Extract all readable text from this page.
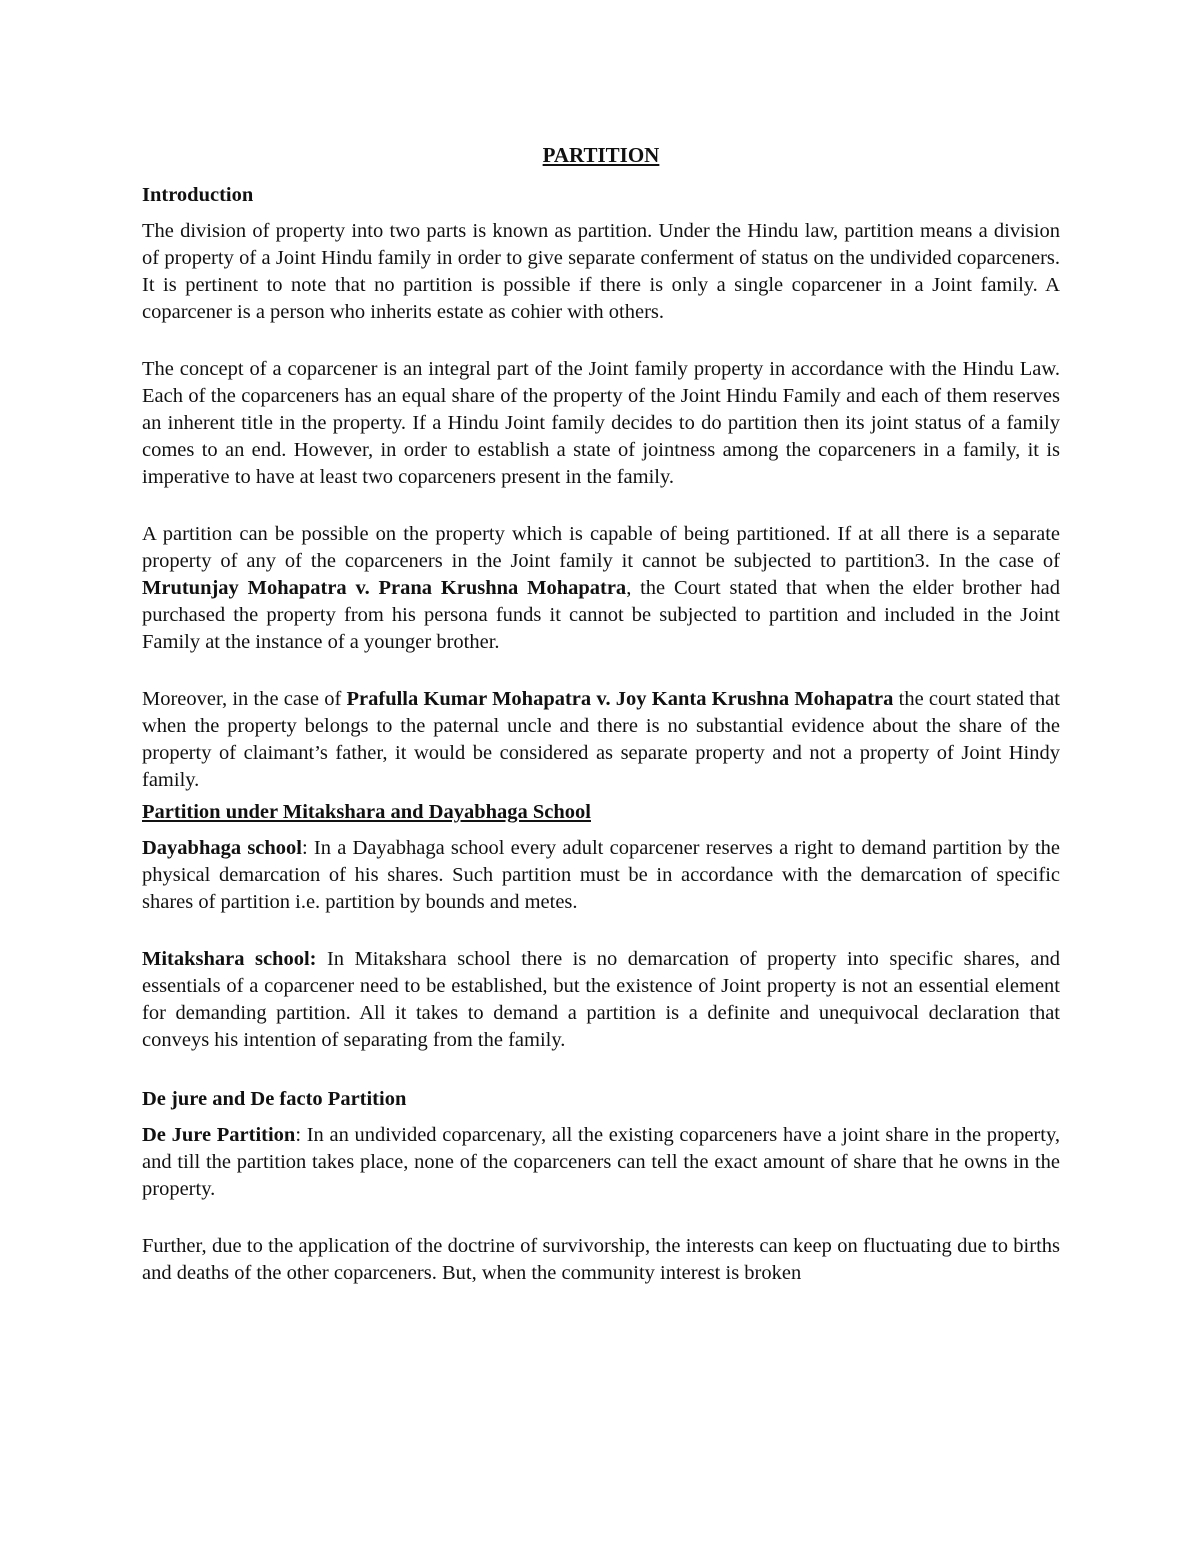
PARTITION
Introduction

The division of property into two parts is known as partition. Under the Hindu law, partition means a division of property of a Joint Hindu family in order to give separate conferment of status on the undivided coparceners. It is pertinent to note that no partition is possible if there is only a single coparcener in a Joint family. A coparcener is a person who inherits estate as cohier with others.

The concept of a coparcener is an integral part of the Joint family property in accordance with the Hindu Law. Each of the coparceners has an equal share of the property of the Joint Hindu Family and each of them reserves an inherent title in the property. If a Hindu Joint family decides to do partition then its joint status of a family comes to an end. However, in order to establish a state of jointness among the coparceners in a family, it is imperative to have at least two coparceners present in the family.

A partition can be possible on the property which is capable of being partitioned. If at all there is a separate property of any of the coparceners in the Joint family it cannot be subjected to partition3. In the case of Mrutunjay Mohapatra v. Prana Krushna Mohapatra, the Court stated that when the elder brother had purchased the property from his persona funds it cannot be subjected to partition and included in the Joint Family at the instance of a younger brother.

Moreover, in the case of Prafulla Kumar Mohapatra v. Joy Kanta Krushna Mohapatra the court stated that when the property belongs to the paternal uncle and there is no substantial evidence about the share of the property of claimant’s father, it would be considered as separate property and not a property of Joint Hindy family.

Partition under Mitakshara and Dayabhaga School

Dayabhaga school: In a Dayabhaga school every adult coparcener reserves a right to demand partition by the physical demarcation of his shares. Such partition must be in accordance with the demarcation of specific shares of partition i.e. partition by bounds and metes.

Mitakshara school: In Mitakshara school there is no demarcation of property into specific shares, and essentials of a coparcener need to be established, but the existence of Joint property is not an essential element for demanding partition. All it takes to demand a partition is a definite and unequivocal declaration that conveys his intention of separating from the family.

De jure and De facto Partition

De Jure Partition: In an undivided coparcenary, all the existing coparceners have a joint share in the property, and till the partition takes place, none of the coparceners can tell the exact amount of share that he owns in the property.

Further, due to the application of the doctrine of survivorship, the interests can keep on fluctuating due to births and deaths of the other coparceners. But, when the community interest is broken
